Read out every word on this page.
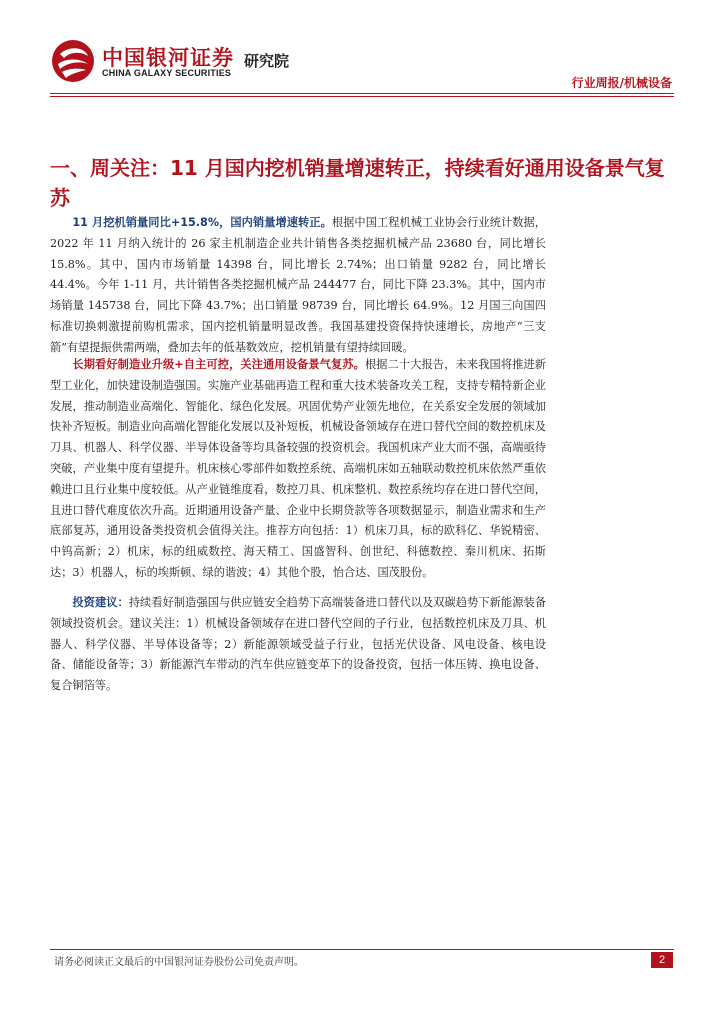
中国银河证券
CHINA GALAXY SECURITIES
研究院
行业周报/机械设备
一、周关注：11 月国内挖机销量增速转正，持续看好通用设备景气复苏
11 月挖机销量同比+15.8%，国内销量增速转正。根据中国工程机械工业协会行业统计数据，2022 年 11 月纳入统计的 26 家主机制造企业共计销售各类挖掘机械产品 23680 台，同比增长 15.8%。其中，国内市场销量 14398 台，同比增长 2.74%；出口销量 9282 台，同比增长 44.4%。今年 1-11 月，共计销售各类挖掘机械产品 244477 台，同比下降 23.3%。其中，国内市场销量 145738 台，同比下降 43.7%；出口销量 98739 台，同比增长 64.9%。12 月国三向国四标准切换刺激提前购机需求，国内挖机销量明显改善。我国基建投资保持快速增长，房地产“三支箭”有望提振供需两端，叠加去年的低基数效应，挖机销量有望持续回暖。
长期看好制造业升级+自主可控，关注通用设备景气复苏。根据二十大报告，未来我国将推进新型工业化，加快建设制造强国。实施产业基础再造工程和重大技术装备攻关工程，支持专精特新企业发展，推动制造业高端化、智能化、绿色化发展。巩固优势产业领先地位，在关系安全发展的领域加快补齐短板。制造业向高端化智能化发展以及补短板，机械设备领域存在进口替代空间的数控机床及刀具、机器人、科学仪器、半导体设备等均具备较强的投资机会。我国机床产业大而不强，高端亟待突破，产业集中度有望提升。机床核心零部件如数控系统、高端机床如五轴联动数控机床依然严重依赖进口且行业集中度较低。从产业链维度看，数控刀具、机床整机、数控系统均存在进口替代空间，且进口替代难度依次升高。近期通用设备产量、企业中长期贷款等各项数据显示，制造业需求和生产底部复苏，通用设备类投资机会值得关注。推荐方向包括：1）机床刀具，标的欧科亿、华锐精密、中钨高新；2）机床，标的纽威数控、海天精工、国盛智科、创世纪、科德数控、秦川机床、拓斯达；3）机器人，标的埃斯顿、绿的谐波；4）其他个股，怡合达、国茂股份。
投资建议：持续看好制造强国与供应链安全趋势下高端装备进口替代以及双碳趋势下新能源装备领域投资机会。建议关注：1）机械设备领域存在进口替代空间的子行业，包括数控机床及刀具、机器人、科学仪器、半导体设备等；2）新能源领域受益子行业，包括光伏设备、风电设备、核电设备、储能设备等；3）新能源汽车带动的汽车供应链变革下的设备投资，包括一体压铸、换电设备、复合铜箔等。
请务必阅读正文最后的中国银河证券股份公司免责声明。	2
